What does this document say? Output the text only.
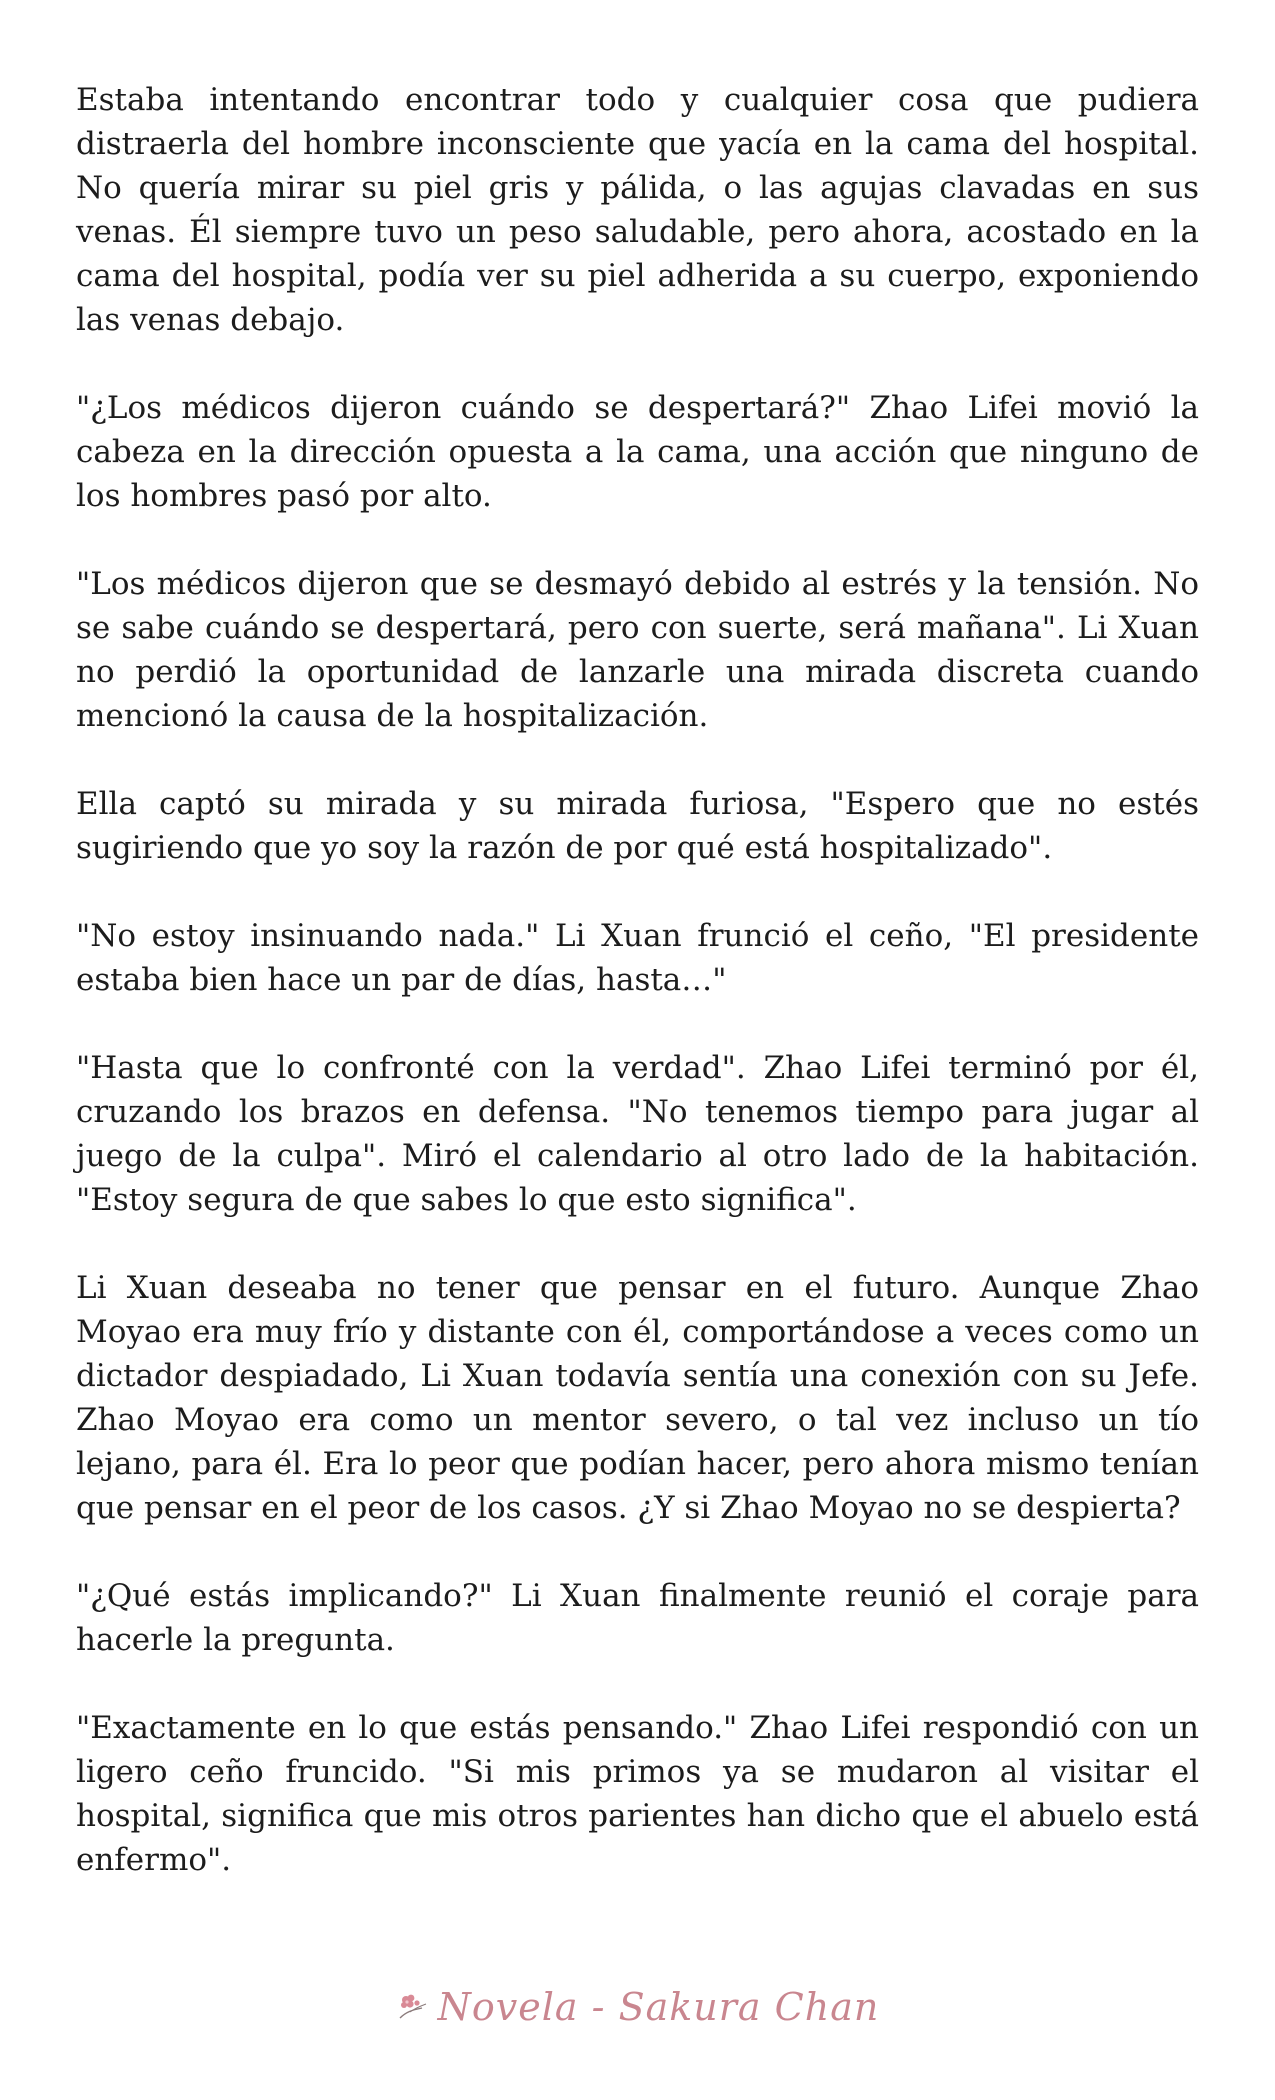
Estaba intentando encontrar todo y cualquier cosa que pudiera distraerla del hombre inconsciente que yacía en la cama del hospital. No quería mirar su piel gris y pálida, o las agujas clavadas en sus venas. Él siempre tuvo un peso saludable, pero ahora, acostado en la cama del hospital, podía ver su piel adherida a su cuerpo, exponiendo las venas debajo.

"¿Los médicos dijeron cuándo se despertará?" Zhao Lifei movió la cabeza en la dirección opuesta a la cama, una acción que ninguno de los hombres pasó por alto.

"Los médicos dijeron que se desmayó debido al estrés y la tensión. No se sabe cuándo se despertará, pero con suerte, será mañana". Li Xuan no perdió la oportunidad de lanzarle una mirada discreta cuando mencionó la causa de la hospitalización.

Ella captó su mirada y su mirada furiosa, "Espero que no estés sugiriendo que yo soy la razón de por qué está hospitalizado".

"No estoy insinuando nada." Li Xuan frunció el ceño, "El presidente estaba bien hace un par de días, hasta…"

"Hasta que lo confronté con la verdad". Zhao Lifei terminó por él, cruzando los brazos en defensa. "No tenemos tiempo para jugar al juego de la culpa". Miró el calendario al otro lado de la habitación. "Estoy segura de que sabes lo que esto significa".

Li Xuan deseaba no tener que pensar en el futuro. Aunque Zhao Moyao era muy frío y distante con él, comportándose a veces como un dictador despiadado, Li Xuan todavía sentía una conexión con su Jefe. Zhao Moyao era como un mentor severo, o tal vez incluso un tío lejano, para él. Era lo peor que podían hacer, pero ahora mismo tenían que pensar en el peor de los casos. ¿Y si Zhao Moyao no se despierta?

"¿Qué estás implicando?" Li Xuan finalmente reunió el coraje para hacerle la pregunta.

"Exactamente en lo que estás pensando." Zhao Lifei respondió con un ligero ceño fruncido. "Si mis primos ya se mudaron al visitar el hospital, significa que mis otros parientes han dicho que el abuelo está enfermo".

Novela - Sakura Chan
